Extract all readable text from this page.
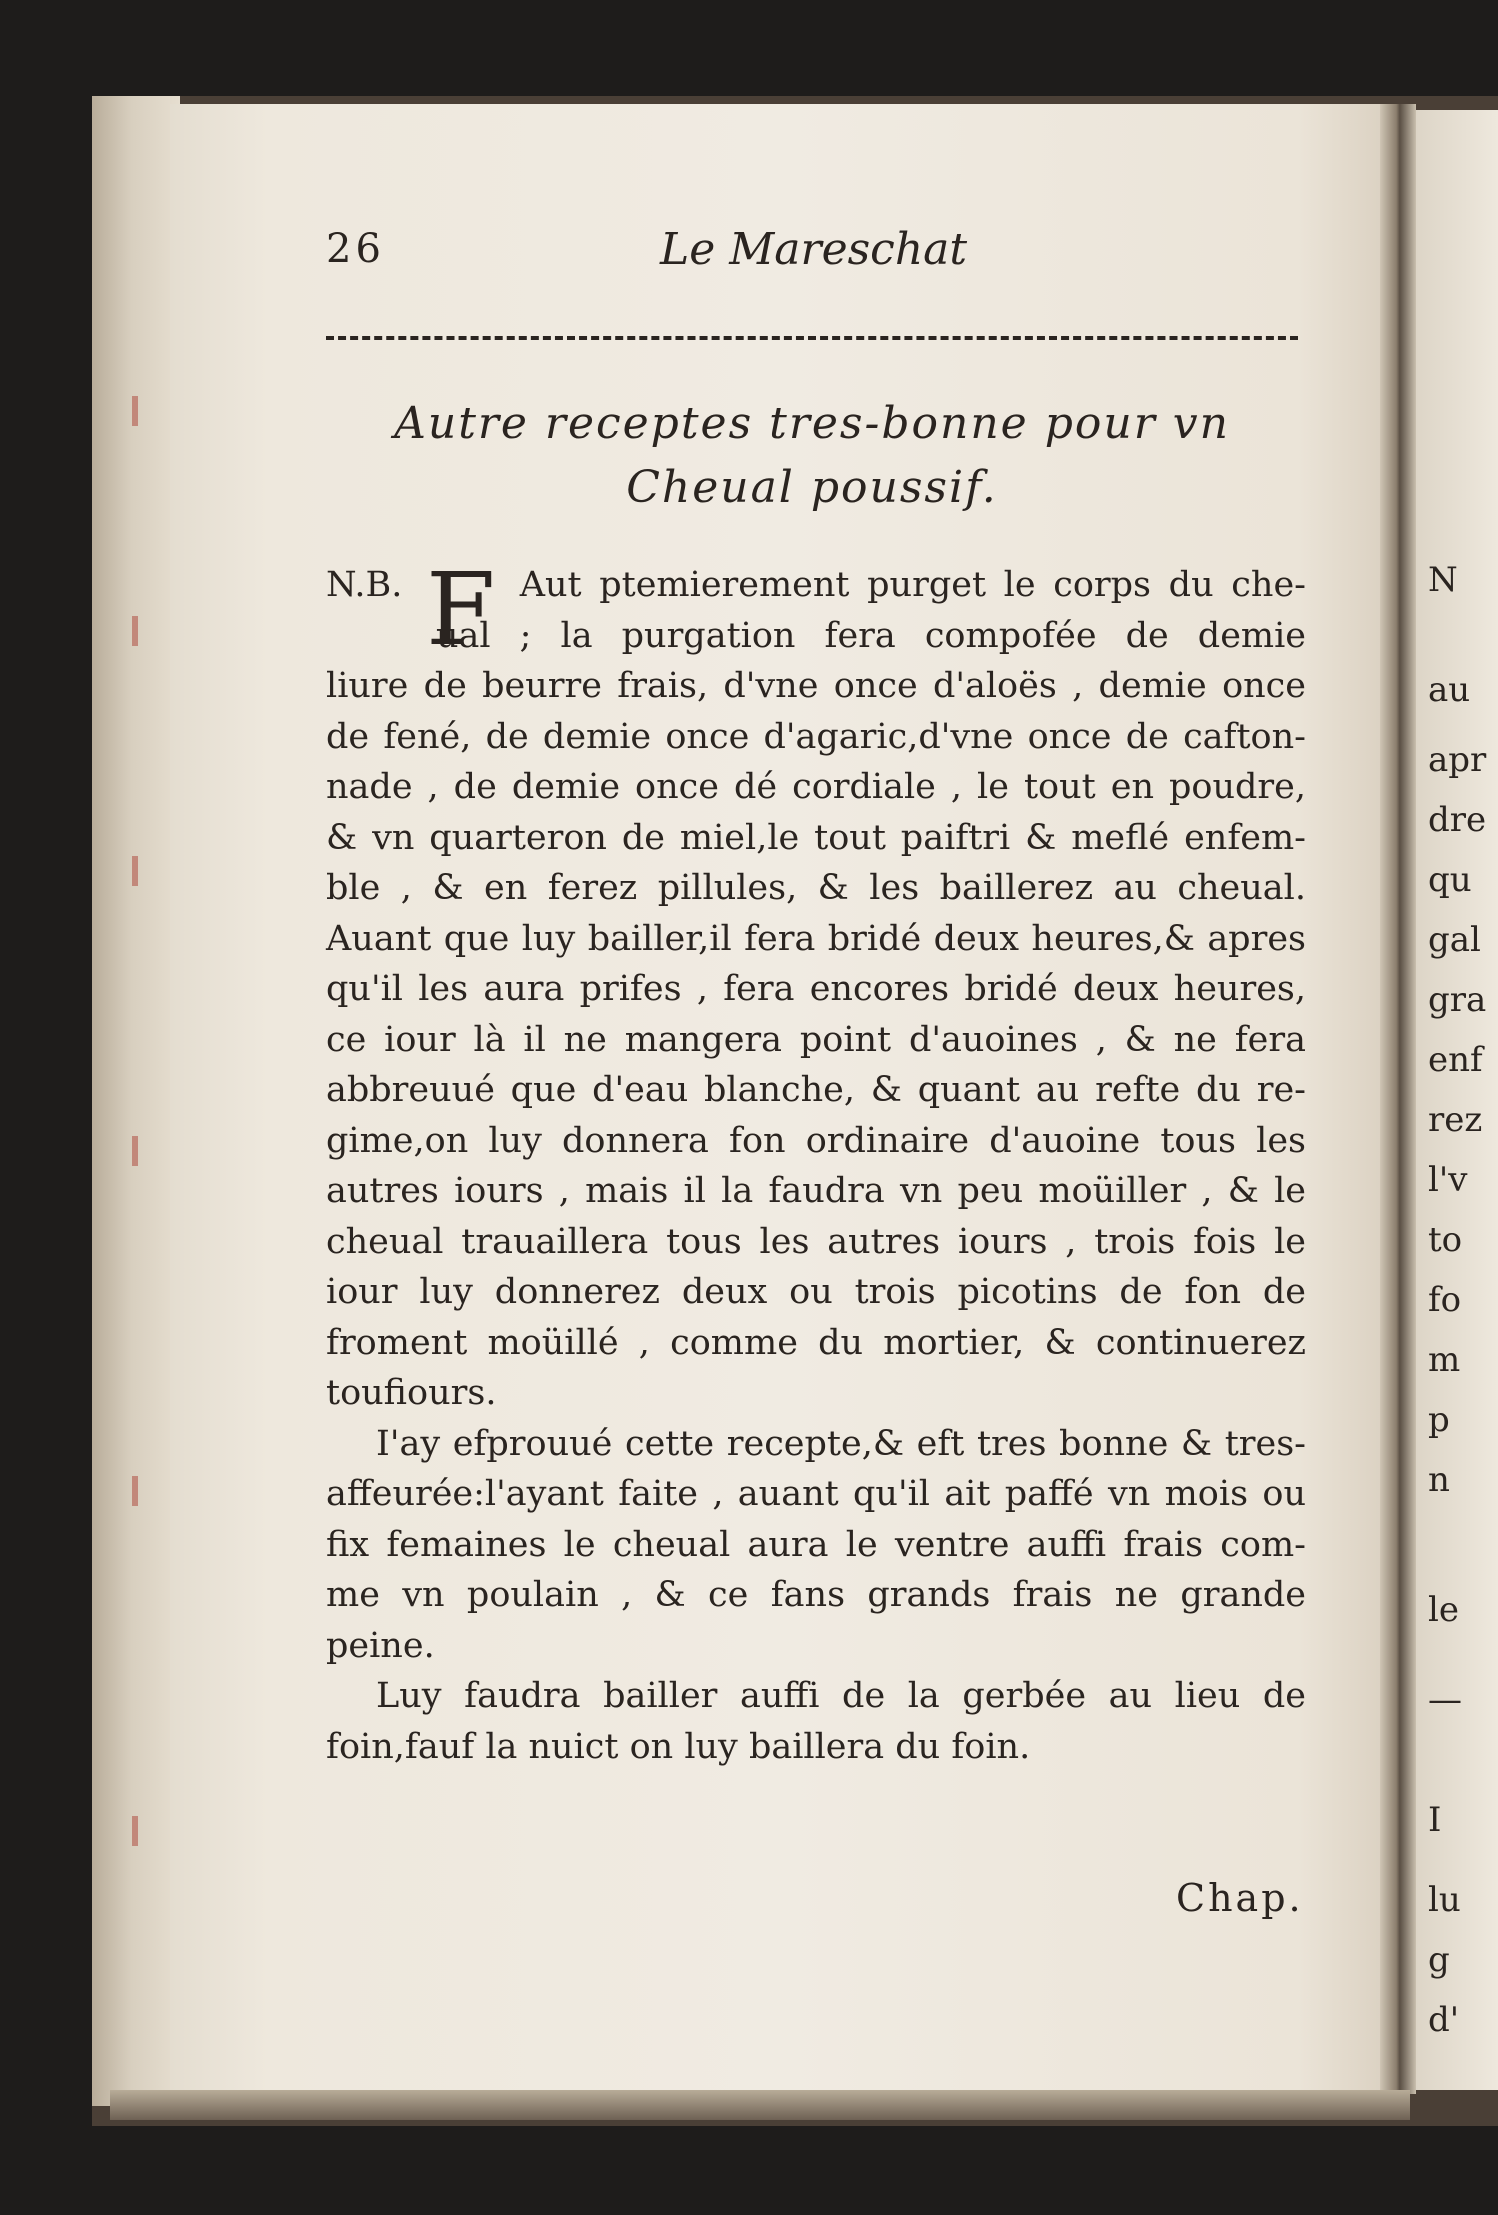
N
au
apr
dre
qu
gal
gra
enf
rez
l'v
to
fo
m
p
n
le
—
I
lu
g
d'
26	Le Mareschat
Autre receptes tres-bonne pour vn
Cheual poussif.
N.B.	Aut ptemierement purget le corps du che-
F
ual ; la purgation fera compofée de demie
liure de beurre frais, d'vne once d'aloës , demie once
de fené, de demie once d'agaric,d'vne once de cafton-
nade , de demie once dé cordiale , le tout en poudre,
& vn quarteron de miel,le tout paiftri & meflé enfem-
ble , & en ferez pillules, & les baillerez au cheual.
Auant que luy bailler,il fera bridé deux heures,& apres
qu'il les aura prifes , fera encores bridé deux heures,
ce iour là il ne mangera point d'auoines , & ne fera
abbreuué que d'eau blanche, & quant au refte du re-
gime,on luy donnera fon ordinaire d'auoine tous les
autres iours , mais il la faudra vn peu moüiller , & le
cheual trauaillera tous les autres iours , trois fois le
iour luy donnerez deux ou trois picotins de fon de
froment moüillé , comme du mortier, & continuerez
toufiours.
I'ay efprouué cette recepte,& eft tres bonne & tres-
affeurée:l'ayant faite , auant qu'il ait paffé vn mois ou
fix femaines le cheual aura le ventre auffi frais com-
me vn poulain , & ce fans grands frais ne grande
peine.
Luy faudra bailler auffi de la gerbée au lieu de
foin,fauf la nuict on luy baillera du foin.
Chap.
